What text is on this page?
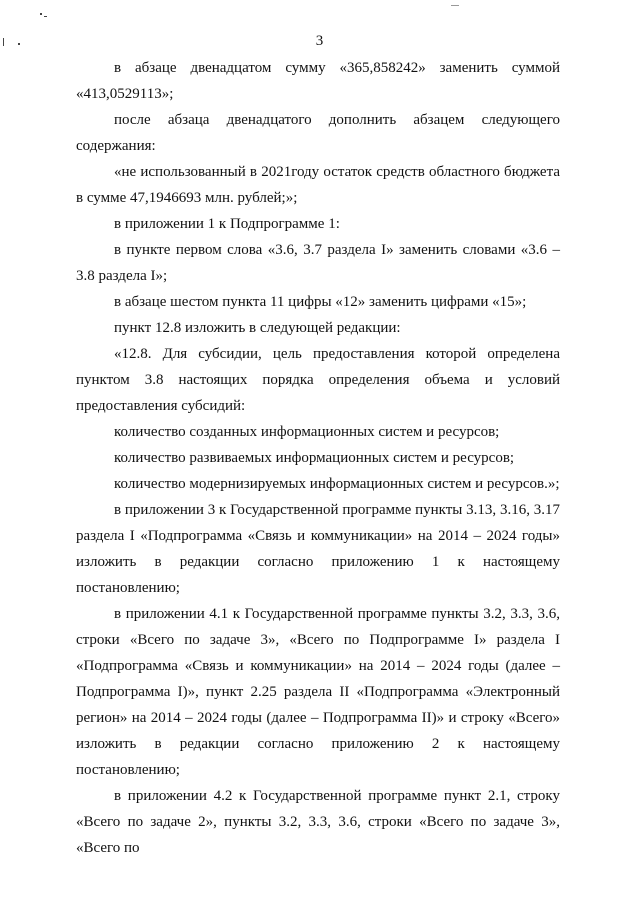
3

в абзаце двенадцатом сумму «365,858242» заменить суммой «413,0529113»;

после абзаца двенадцатого дополнить абзацем следующего содержания:

«не использованный в 2021году остаток средств областного бюджета в сумме 47,1946693 млн. рублей;»;

в приложении 1 к Подпрограмме 1:

в пункте первом слова «3.6, 3.7 раздела I» заменить словами «3.6 – 3.8 раздела I»;

в абзаце шестом пункта 11 цифры «12» заменить цифрами «15»;

пункт 12.8 изложить в следующей редакции:

«12.8. Для субсидии, цель предоставления которой определена пунктом 3.8 настоящих порядка определения объема и условий предоставления субсидий:

количество созданных информационных систем и ресурсов;

количество развиваемых информационных систем и ресурсов;

количество модернизируемых информационных систем и ресурсов.»;

в приложении 3 к Государственной программе пункты 3.13, 3.16, 3.17 раздела I «Подпрограмма «Связь и коммуникации» на 2014 – 2024 годы» изложить в редакции согласно приложению 1 к настоящему постановлению;

в приложении 4.1 к Государственной программе пункты 3.2, 3.3, 3.6, строки «Всего по задаче 3», «Всего по Подпрограмме I» раздела I «Подпрограмма «Связь и коммуникации» на 2014 – 2024 годы (далее – Подпрограмма I)», пункт 2.25 раздела II «Подпрограмма «Электронный регион» на 2014 – 2024 годы (далее – Подпрограмма II)» и строку «Всего» изложить в редакции согласно приложению 2 к настоящему постановлению;

в приложении 4.2 к Государственной программе пункт 2.1, строку «Всего по задаче 2», пункты 3.2, 3.3, 3.6, строки «Всего по задаче 3», «Всего по
